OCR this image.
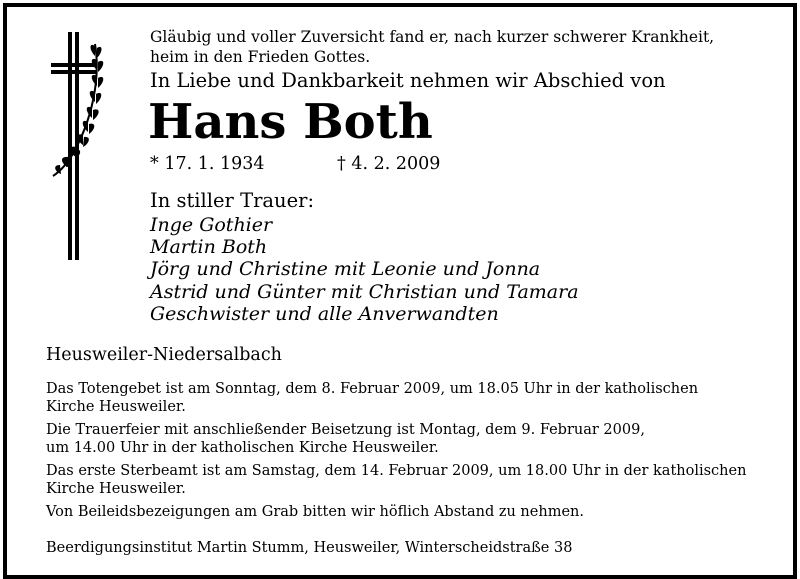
Gläubig und voller Zuversicht fand er, nach kurzer schwerer Krankheit,
heim in den Frieden Gottes.
In Liebe und Dankbarkeit nehmen wir Abschied von
Hans Both
* 17. 1. 1934	† 4. 2. 2009
In stiller Trauer:
Inge Gothier
Martin Both
Jörg und Christine mit Leonie und Jonna
Astrid und Günter mit Christian und Tamara
Geschwister und alle Anverwandten
Heusweiler-Niedersalbach

Das Totengebet ist am Sonntag, dem 8. Februar 2009, um 18.05 Uhr in der katholischen
Kirche Heusweiler.

Die Trauerfeier mit anschließender Beisetzung ist Montag, dem 9. Februar 2009,
um 14.00 Uhr in der katholischen Kirche Heusweiler.

Das erste Sterbeamt ist am Samstag, dem 14. Februar 2009, um 18.00 Uhr in der katholischen
Kirche Heusweiler.

Von Beileidsbezeigungen am Grab bitten wir höflich Abstand zu nehmen.

Beerdigungsinstitut Martin Stumm, Heusweiler, Winterscheidstraße 38
